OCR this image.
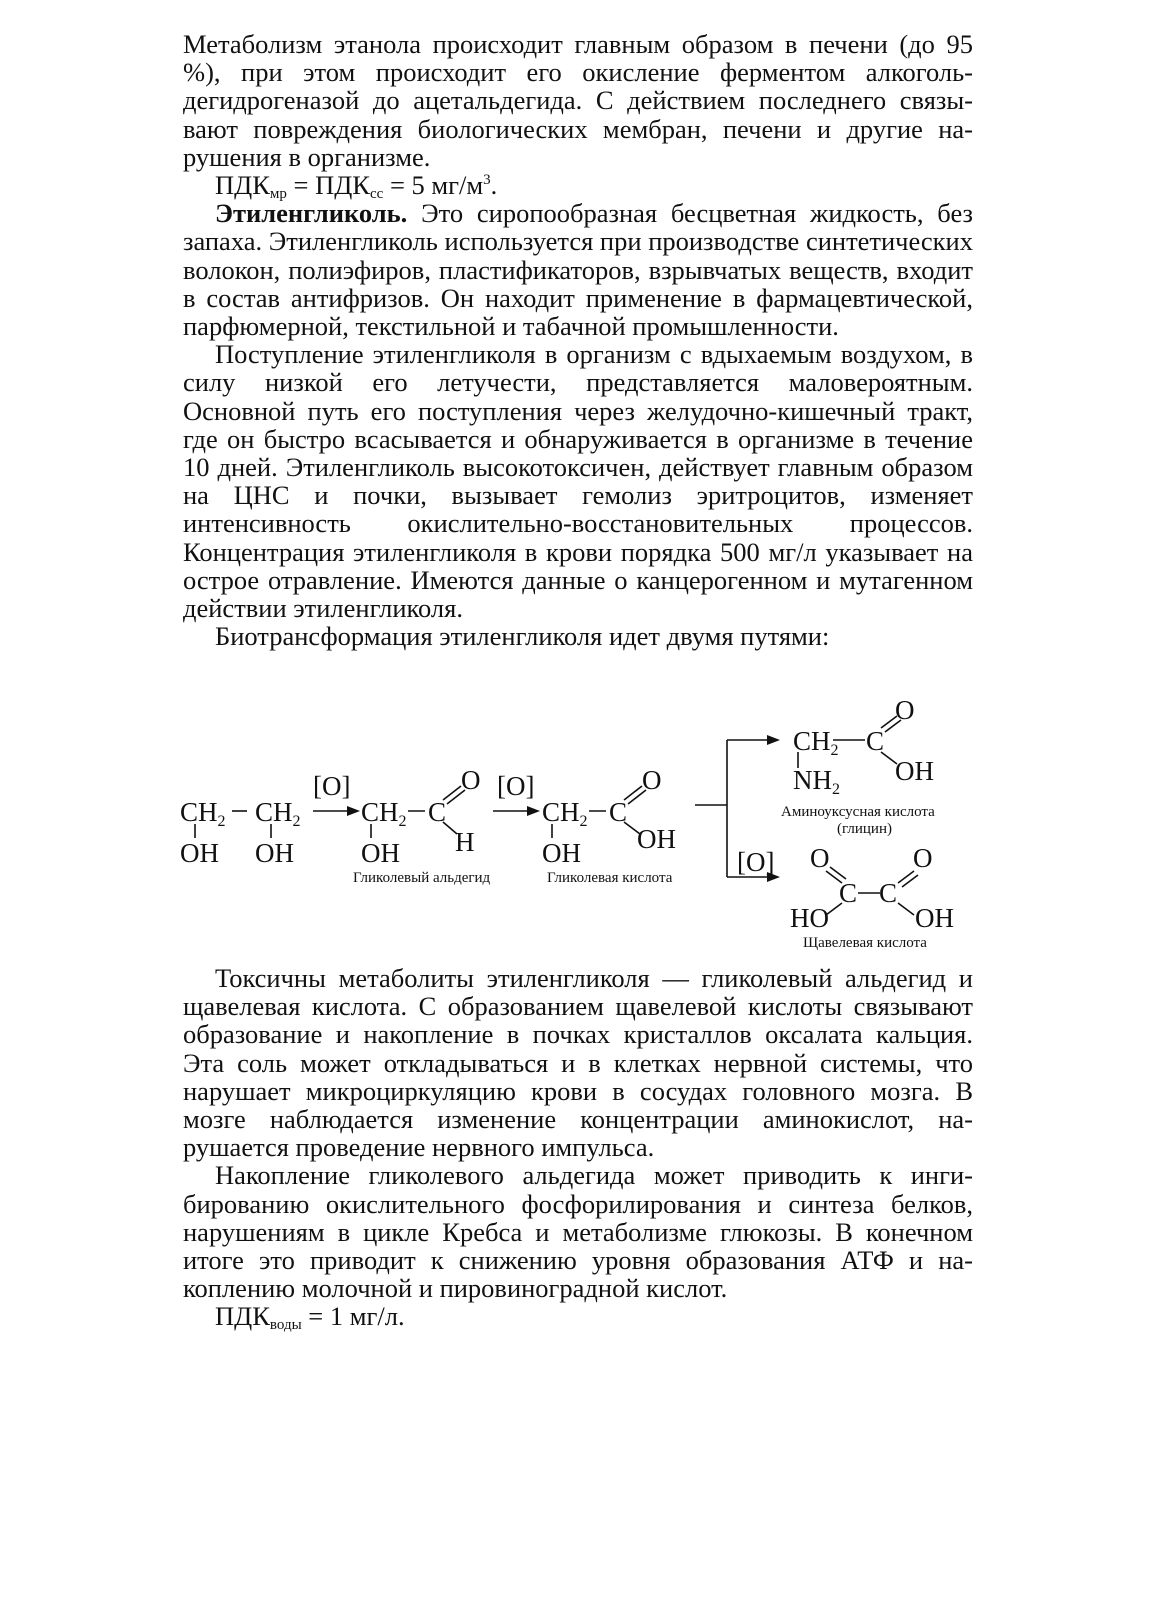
Метаболизм этанола происходит главным образом в печени (до 95 %), при этом происходит его окисление ферментом алкогольдегидрогеназой до ацетальдегида. С действием последнего связывают повреждения биологических мембран, печени и другие нарушения в организме.

$ПДК_{мр} = ПДК_{сс} = 5$ $мг/м^3$.

Этиленгликоль. Это сиропообразная бесцветная жидкость, без запаха. Этиленгликоль используется при производстве синтетических волокон, полиэфиров, пластификаторов, взрывчатых веществ, входит в состав антифризов. Он находит применение в фармацевтической, парфюмерной, текстильной и табачной промышленности.

Поступление этиленгликоля в организм с вдыхаемым воздухом, в силу низкой его летучести, представляется маловероятным. Основной путь его поступления через желудочно-кишечный тракт, где он быстро всасывается и обнаруживается в организме в течение 10 дней. Этиленгликоль высокотоксичен, действует главным образом на ЦНС и почки, вызывает гемолиз эритроцитов, изменяет интенсивность окислительно-восстановительных процессов. Концентрация этиленгликоля в крови порядка 500 мг/л указывает на острое отравление. Имеются данные о канцерогенном и мутагенном действии этиленгликоля.

Биотрансформация этиленгликоля идет двумя путями:

CH2 CH2
OH OH
[O]
CH2 C
O
H
OH
[O]
CH2 C
O
OH
OH
CH2 C
O
OH
NH2
[O] O	O
C C
HO	OH
Гликолевый альдегид	Гликолевая кислота
Аминоуксусная кислота
(глицин)
Щавелевая кислота

Токсичны метаболиты этиленгликоля — гликолевый альдегид и щавелевая кислота. С образованием щавелевой кислоты связывают образование и накопление в почках кристаллов оксалата кальция. Эта соль может откладываться и в клетках нервной системы, что нарушает микроциркуляцию крови в сосудах головного мозга. В мозге наблюдается изменение концентрации аминокислот, нарушается проведение нервного импульса.

Накопление гликолевого альдегида может приводить к ингибированию окислительного фосфорилирования и синтеза белков, нарушениям в цикле Кребса и метаболизме глюкозы. В конечном итоге это приводит к снижению уровня образования АТФ и накоплению молочной и пировиноградной кислот.

$ПДК_{воды} = 1$ мг/л.
